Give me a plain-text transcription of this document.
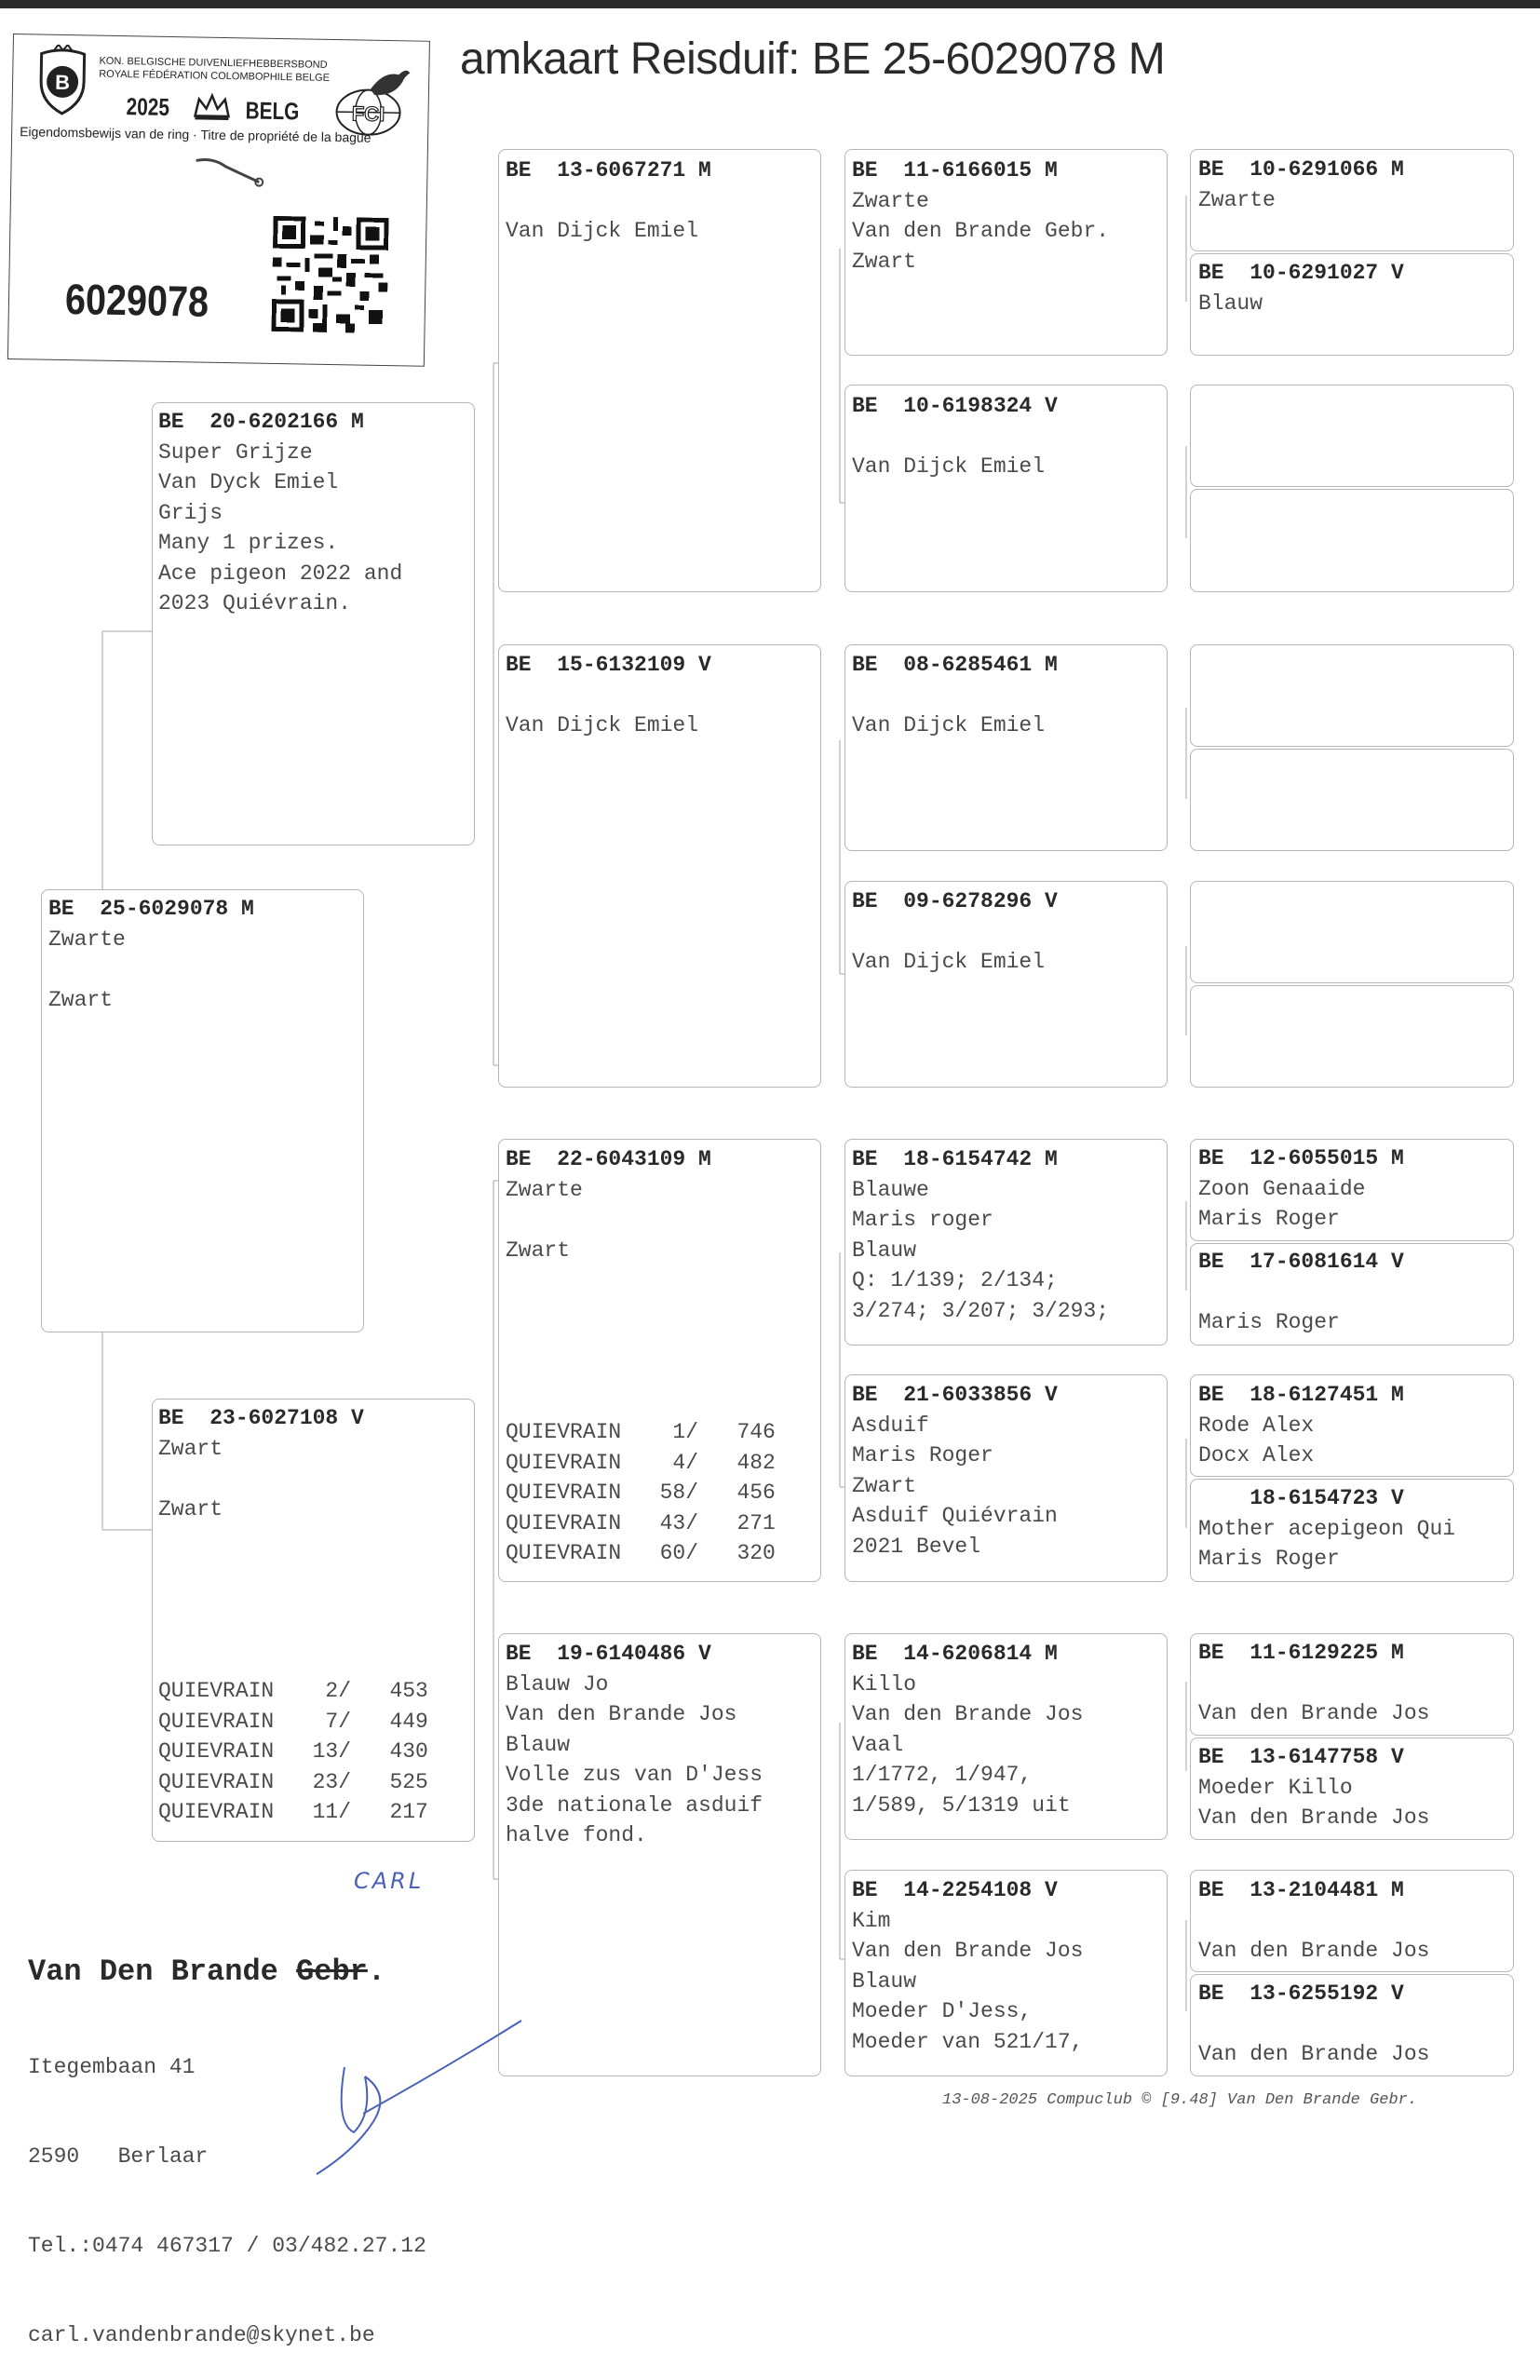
B
KON. BELGISCHE DUIVENLIEFHEBBERSBOND
ROYALE FÉDÉRATION COLOMBOPHILE BELGE
2025	BELG	FCI
Eigendomsbewijs van de ring · Titre de propriété de la bague
6029078
amkaart Reisduif: BE 25-6029078 M
BE  25-6029078 M
Zwarte

Zwart
BE  20-6202166 M
Super Grijze
Van Dyck Emiel
Grijs
Many 1 prizes.
Ace pigeon 2022 and
2023 Quiévrain.
BE  23-6027108 V
Zwart

Zwart
QUIEVRAIN    2/   453
QUIEVRAIN    7/   449
QUIEVRAIN   13/   430
QUIEVRAIN   23/   525
QUIEVRAIN   11/   217
BE  13-6067271 M

Van Dijck Emiel
BE  15-6132109 V

Van Dijck Emiel
BE  22-6043109 M
Zwarte

Zwart
QUIEVRAIN    1/   746
QUIEVRAIN    4/   482
QUIEVRAIN   58/   456
QUIEVRAIN   43/   271
QUIEVRAIN   60/   320
BE  19-6140486 V
Blauw Jo
Van den Brande Jos
Blauw
Volle zus van D'Jess
3de nationale asduif
halve fond.
BE  11-6166015 M
Zwarte
Van den Brande Gebr.
Zwart
BE  10-6198324 V

Van Dijck Emiel
BE  08-6285461 M

Van Dijck Emiel
BE  09-6278296 V

Van Dijck Emiel
BE  18-6154742 M
Blauwe
Maris roger
Blauw
Q: 1/139; 2/134;
3/274; 3/207; 3/293;
BE  21-6033856 V
Asduif
Maris Roger
Zwart
Asduif Quiévrain
2021 Bevel
BE  14-6206814 M
Killo
Van den Brande Jos
Vaal
1/1772, 1/947,
1/589, 5/1319 uit
BE  14-2254108 V
Kim
Van den Brande Jos
Blauw
Moeder D'Jess,
Moeder van 521/17,
BE  10-6291066 M
Zwarte
BE  10-6291027 V
Blauw
BE  12-6055015 M
Zoon Genaaide
Maris Roger
BE  17-6081614 V

Maris Roger
BE  18-6127451 M
Rode Alex
Docx Alex
18-6154723 V
Mother acepigeon Qui
Maris Roger
BE  11-6129225 M

Van den Brande Jos
BE  13-6147758 V
Moeder Killo
Van den Brande Jos
BE  13-2104481 M

Van den Brande Jos
BE  13-6255192 V

Van den Brande Jos
CARL

Van Den Brande Gebr.

Itegembaan 41

2590   Berlaar

Tel.:0474 467317 / 03/482.27.12

carl.vandenbrande@skynet.be

13-08-2025 Compuclub © [9.48] Van Den Brande Gebr.
